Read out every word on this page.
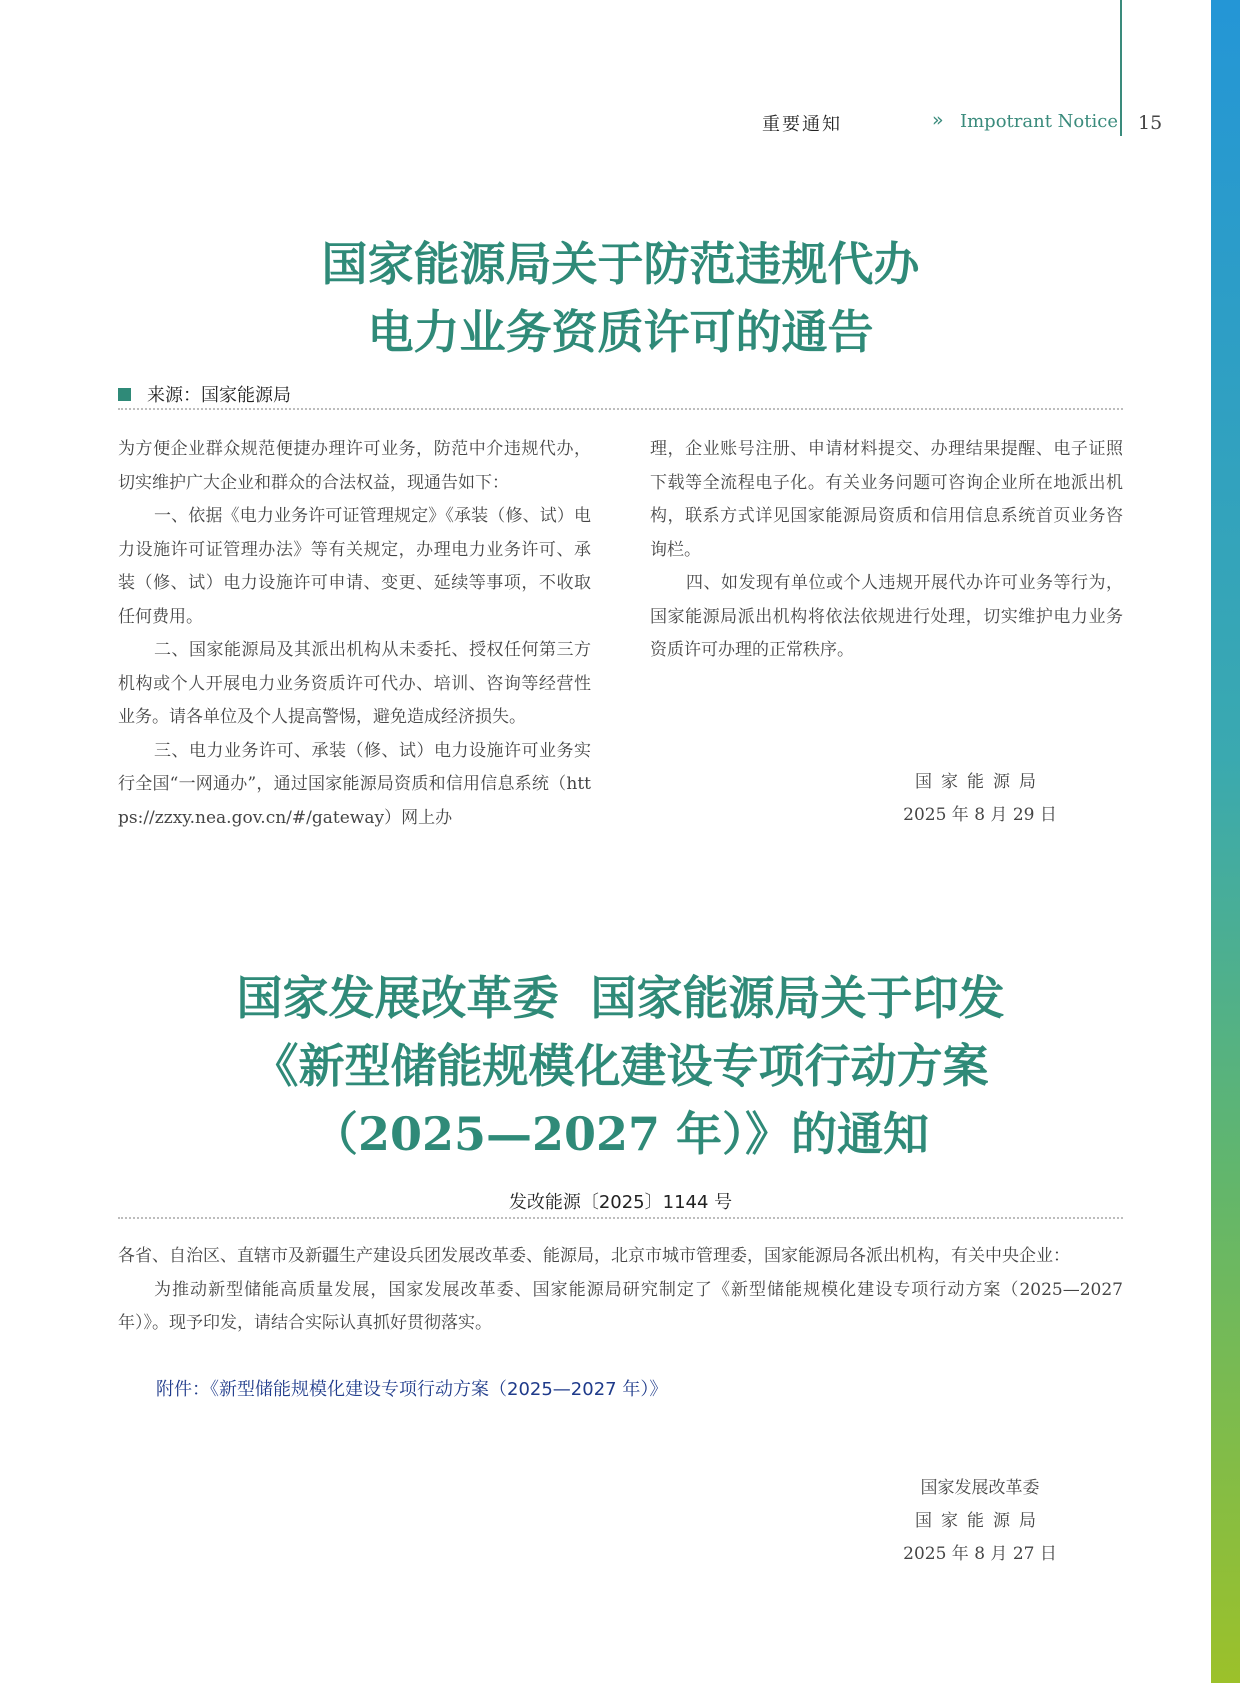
重要通知	» Impotrant Notice 15
国家能源局关于防范违规代办
电力业务资质许可的通告
来源：国家能源局

为方便企业群众规范便捷办理许可业务，防范中介违规代办，切实维护广大企业和群众的合法权益，现通告如下：

一、依据《电力业务许可证管理规定》《承装（修、试）电力设施许可证管理办法》等有关规定，办理电力业务许可、承装（修、试）电力设施许可申请、变更、延续等事项，不收取任何费用。

二、国家能源局及其派出机构从未委托、授权任何第三方机构或个人开展电力业务资质许可代办、培训、咨询等经营性业务。请各单位及个人提高警惕，避免造成经济损失。

三、电力业务许可、承装（修、试）电力设施许可业务实行全国“一网通办”，通过国家能源局资质和信用信息系统（https://zzxy.nea.gov.cn/#/gateway）网上办

理，企业账号注册、申请材料提交、办理结果提醒、电子证照下载等全流程电子化。有关业务问题可咨询企业所在地派出机构，联系方式详见国家能源局资质和信用信息系统首页业务咨询栏。

四、如发现有单位或个人违规开展代办许可业务等行为，国家能源局派出机构将依法依规进行处理，切实维护电力业务资质许可办理的正常秩序。

国家能源局
2025 年 8 月 29 日
国家发展改革委  国家能源局关于印发
《新型储能规模化建设专项行动方案
（2025—2027 年）》的通知
发改能源〔2025〕1144 号

各省、自治区、直辖市及新疆生产建设兵团发展改革委、能源局，北京市城市管理委，国家能源局各派出机构，有关中央企业：

为推动新型储能高质量发展，国家发展改革委、国家能源局研究制定了《新型储能规模化建设专项行动方案（2025—2027 年）》。现予印发，请结合实际认真抓好贯彻落实。

附件：《新型储能规模化建设专项行动方案（2025—2027 年）》
国家发展改革委
国家能源局
2025 年 8 月 27 日
